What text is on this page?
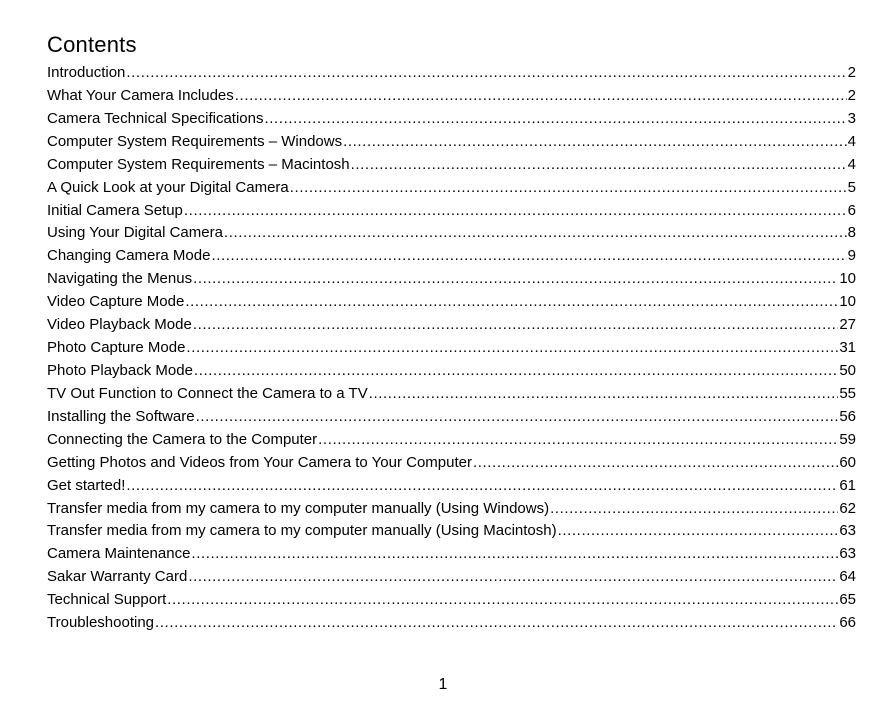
Contents
Introduction .....	2
What Your Camera Includes .....	2
Camera Technical Specifications .....	3
Computer System Requirements – Windows .....	4
Computer System Requirements – Macintosh .....	4
A Quick Look at your Digital Camera .....	5
Initial Camera Setup .....	6
Using Your Digital Camera .....	8
Changing Camera Mode .....	9
Navigating the Menus .....	10
Video Capture Mode .....	10
Video Playback Mode .....	27
Photo Capture Mode .....	31
Photo Playback Mode .....	50
TV Out Function to Connect the Camera to a TV .....	55
Installing the Software .....	56
Connecting the Camera to the Computer .....	59
Getting Photos and Videos from Your Camera to Your Computer .....	60
Get started! .....	61
Transfer media from my camera to my computer manually (Using Windows) .....	62
Transfer media from my camera to my computer manually (Using Macintosh) .....	63
Camera Maintenance .....	63
Sakar Warranty Card .....	64
Technical Support .....	65
Troubleshooting .....	66
1
